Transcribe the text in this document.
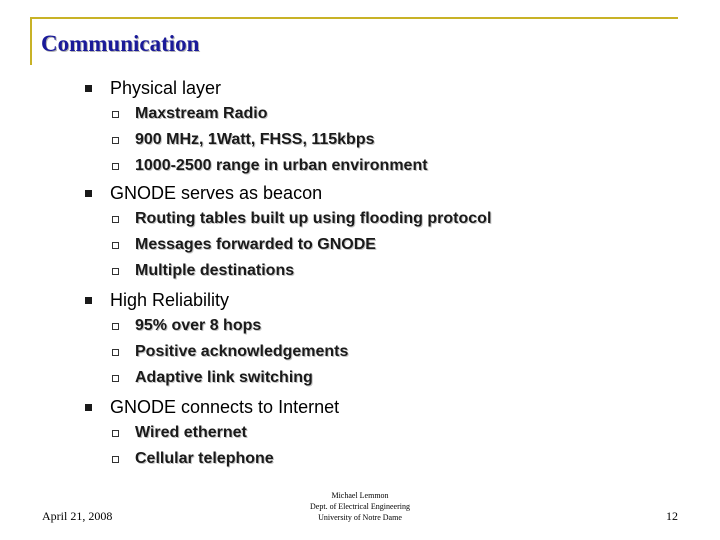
Communication
Physical layer
Maxstream Radio
900 MHz, 1Watt, FHSS, 115kbps
1000-2500 range in urban environment
GNODE serves as beacon
Routing tables built up using flooding protocol
Messages forwarded to GNODE
Multiple destinations
High Reliability
95% over 8 hops
Positive acknowledgements
Adaptive link switching
GNODE connects to Internet
Wired ethernet
Cellular telephone
April 21, 2008
Michael Lemmon
Dept. of Electrical Engineering
University of Notre Dame	12
